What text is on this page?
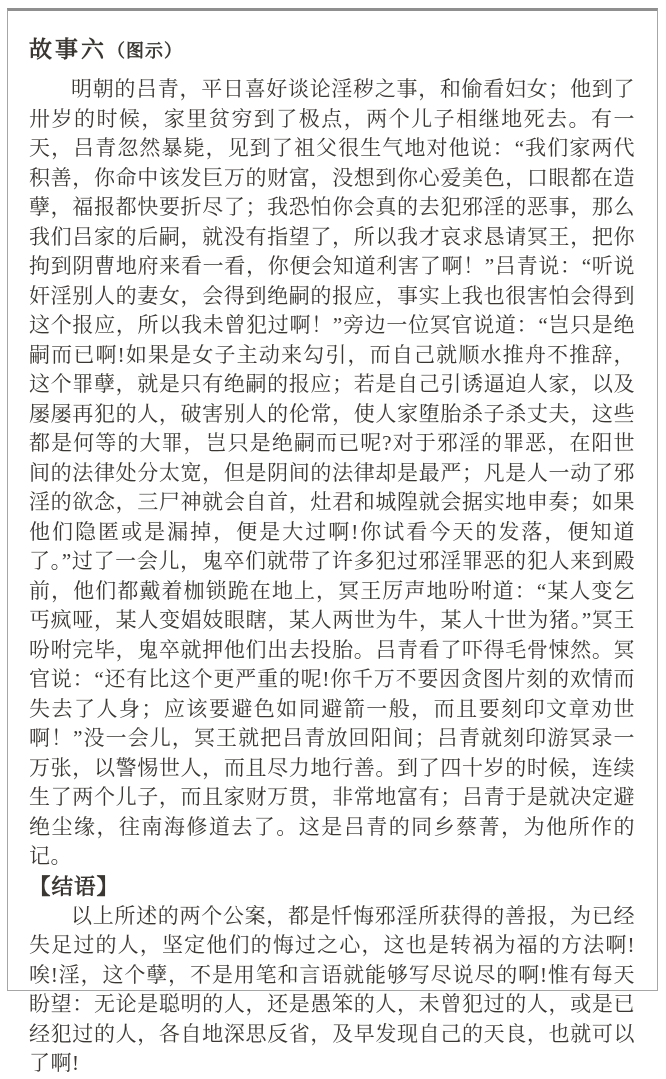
故事六（图示）

明朝的吕青，平日喜好谈论淫秽之事，和偷看妇女；他到了卅岁的时候，家里贫穷到了极点，两个儿子相继地死去。有一天，吕青忽然暴毙，见到了祖父很生气地对他说：“我们家两代积善，你命中该发巨万的财富，没想到你心爱美色，口眼都在造孽，福报都快要折尽了；我恐怕你会真的去犯邪淫的恶事，那么我们吕家的后嗣，就没有指望了，所以我才哀求恳请冥王，把你拘到阴曹地府来看一看，你便会知道利害了啊！”吕青说：“听说奸淫别人的妻女，会得到绝嗣的报应，事实上我也很害怕会得到这个报应，所以我未曾犯过啊！”旁边一位冥官说道：“岂只是绝嗣而已啊!如果是女子主动来勾引，而自己就顺水推舟不推辞，这个罪孽，就是只有绝嗣的报应；若是自己引诱逼迫人家，以及屡屡再犯的人，破害别人的伦常，使人家堕胎杀子杀丈夫，这些都是何等的大罪，岂只是绝嗣而已呢?对于邪淫的罪恶，在阳世间的法律处分太宽，但是阴间的法律却是最严；凡是人一动了邪淫的欲念，三尸神就会自首，灶君和城隍就会据实地申奏；如果他们隐匿或是漏掉，便是大过啊!你试看今天的发落，便知道了。”过了一会儿，鬼卒们就带了许多犯过邪淫罪恶的犯人来到殿前，他们都戴着枷锁跪在地上，冥王厉声地吩咐道：“某人变乞丐疯哑，某人变娼妓眼瞎，某人两世为牛，某人十世为猪。”冥王吩咐完毕，鬼卒就押他们出去投胎。吕青看了吓得毛骨悚然。冥官说：“还有比这个更严重的呢!你千万不要因贪图片刻的欢情而失去了人身；应该要避色如同避箭一般，而且要刻印文章劝世啊！”没一会儿，冥王就把吕青放回阳间；吕青就刻印游冥录一万张，以警惕世人，而且尽力地行善。到了四十岁的时候，连续生了两个儿子，而且家财万贯，非常地富有；吕青于是就决定避绝尘缘，往南海修道去了。这是吕青的同乡蔡菁，为他所作的记。

【结语】

以上所述的两个公案，都是忏悔邪淫所获得的善报，为已经失足过的人，坚定他们的悔过之心，这也是转祸为福的方法啊!唉!淫，这个孽，不是用笔和言语就能够写尽说尽的啊!惟有每天盼望：无论是聪明的人，还是愚笨的人，未曾犯过的人，或是已经犯过的人，各自地深思反省，及早发现自己的天良，也就可以了啊!
